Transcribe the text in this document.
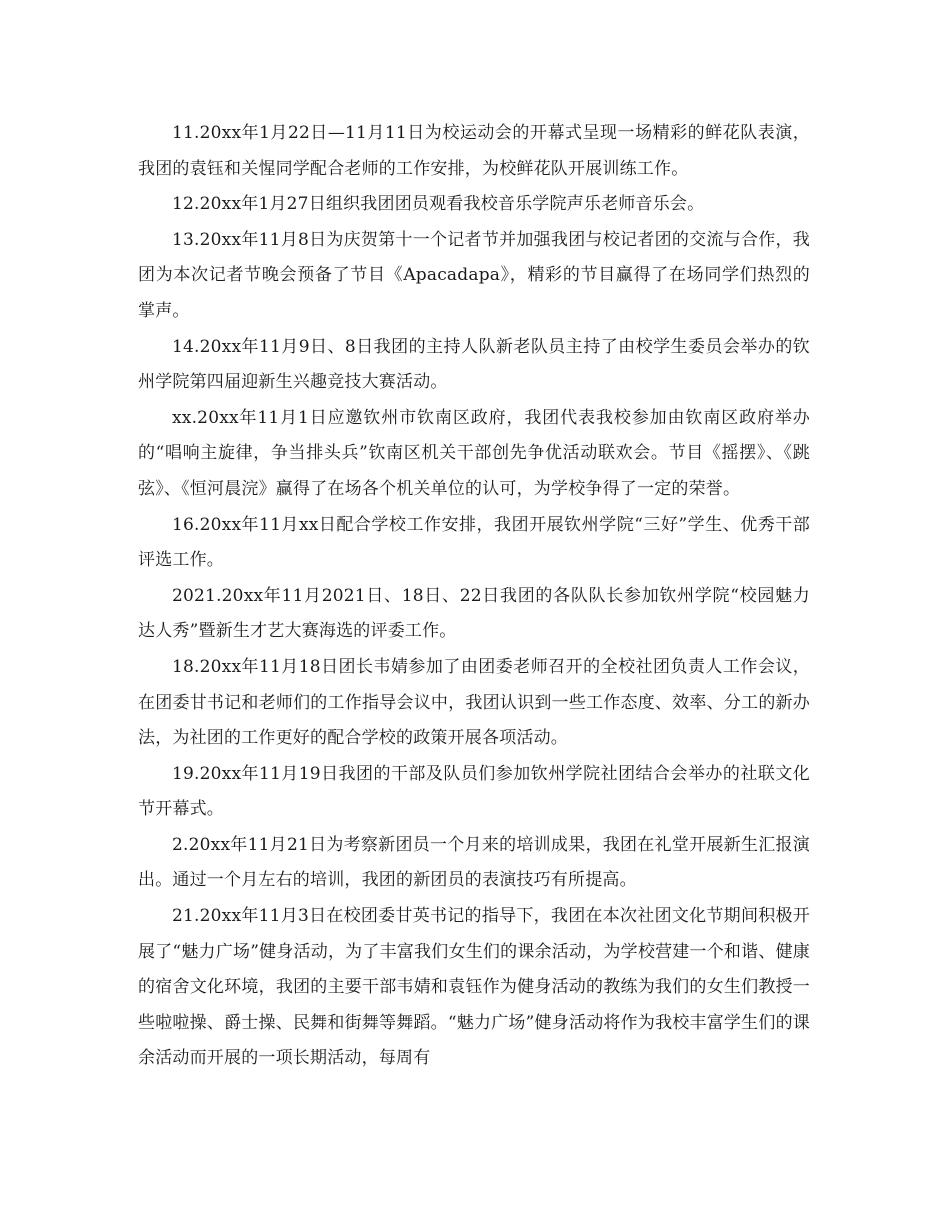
11.20xx年1月22日—11月11日为校运动会的开幕式呈现一场精彩的鲜花队表演，我团的袁钰和关惺同学配合老师的工作安排，为校鲜花队开展训练工作。

12.20xx年1月27日组织我团团员观看我校音乐学院声乐老师音乐会。

13.20xx年11月8日为庆贺第十一个记者节并加强我团与校记者团的交流与合作，我团为本次记者节晚会预备了节目《Apacadapa》，精彩的节目赢得了在场同学们热烈的掌声。

14.20xx年11月9日、8日我团的主持人队新老队员主持了由校学生委员会举办的钦州学院第四届迎新生兴趣竞技大赛活动。

xx.20xx年11月1日应邀钦州市钦南区政府，我团代表我校参加由钦南区政府举办的“唱响主旋律，争当排头兵”钦南区机关干部创先争优活动联欢会。节目《摇摆》、《跳弦》、《恒河晨浣》赢得了在场各个机关单位的认可，为学校争得了一定的荣誉。

16.20xx年11月xx日配合学校工作安排，我团开展钦州学院“三好”学生、优秀干部评选工作。

2021.20xx年11月2021日、18日、22日我团的各队队长参加钦州学院“校园魅力达人秀”暨新生才艺大赛海选的评委工作。

18.20xx年11月18日团长韦婧参加了由团委老师召开的全校社团负责人工作会议，在团委甘书记和老师们的工作指导会议中，我团认识到一些工作态度、效率、分工的新办法，为社团的工作更好的配合学校的政策开展各项活动。

19.20xx年11月19日我团的干部及队员们参加钦州学院社团结合会举办的社联文化节开幕式。

2.20xx年11月21日为考察新团员一个月来的培训成果，我团在礼堂开展新生汇报演出。通过一个月左右的培训，我团的新团员的表演技巧有所提高。

21.20xx年11月3日在校团委甘英书记的指导下，我团在本次社团文化节期间积极开展了“魅力广场”健身活动，为了丰富我们女生们的课余活动，为学校营建一个和谐、健康的宿舍文化环境，我团的主要干部韦婧和袁钰作为健身活动的教练为我们的女生们教授一些啦啦操、爵士操、民舞和街舞等舞蹈。“魅力广场”健身活动将作为我校丰富学生们的课余活动而开展的一项长期活动，每周有
